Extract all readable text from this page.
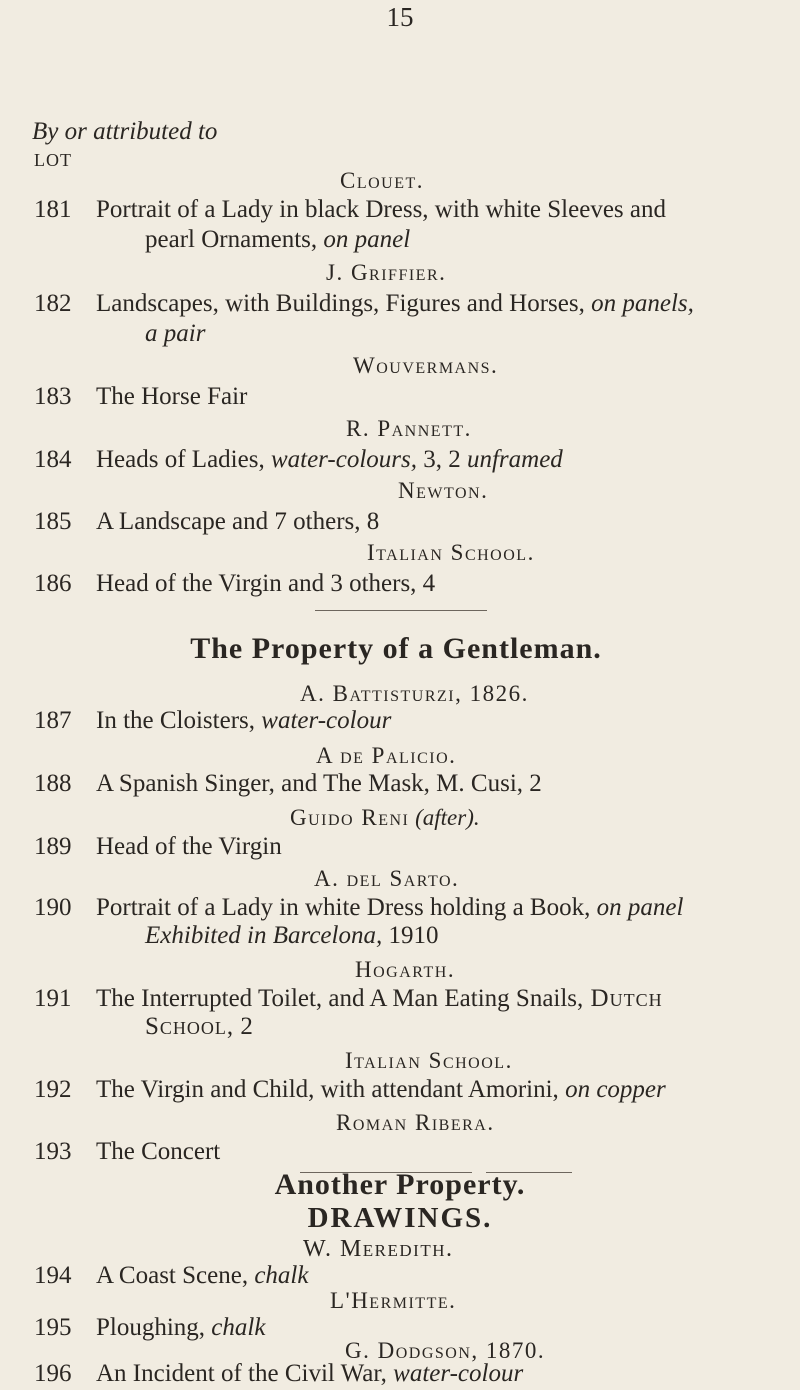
15
By or attributed to
LOT
Clouet.
181 Portrait of a Lady in black Dress, with white Sleeves and
pearl Ornaments, on panel
J. Griffier.
182 Landscapes, with Buildings, Figures and Horses, on panels,
a pair
Wouvermans.
183 The Horse Fair
R. Pannett.
184 Heads of Ladies, water-colours, 3, 2 unframed
Newton.
185 A Landscape and 7 others, 8
Italian School.
186 Head of the Virgin and 3 others, 4
The Property of a Gentleman.
A. Battisturzi, 1826.
187 In the Cloisters, water-colour
A de Palicio.
188 A Spanish Singer, and The Mask, M. Cusi, 2
Guido Reni (after).
189 Head of the Virgin
A. del Sarto.
190 Portrait of a Lady in white Dress holding a Book, on panel
Exhibited in Barcelona, 1910
Hogarth.
191 The Interrupted Toilet, and A Man Eating Snails, Dutch
School, 2
Italian School.
192 The Virgin and Child, with attendant Amorini, on copper
Roman Ribera.
193 The Concert
Another Property.
DRAWINGS.
W. Meredith.
194 A Coast Scene, chalk
L'Hermitte.
195 Ploughing, chalk
G. Dodgson, 1870.
196 An Incident of the Civil War, water-colour
